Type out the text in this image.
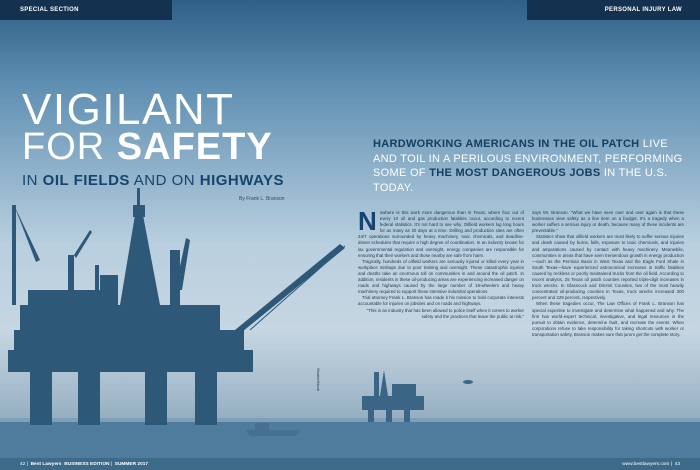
SPECIAL SECTION	PERSONAL INJURY LAW
VIGILANT
FOR SAFETY
IN OIL FIELDS AND ON HIGHWAYS
By Frank L. Branson
HARDWORKING AMERICANS IN THE OIL PATCH LIVE AND TOIL IN A PERILOUS ENVIRONMENT, PERFORMING SOME OF THE MOST DANGEROUS JOBS IN THE U.S. TODAY.
N owhere is this work more dangerous than in Texas, where four out of every 10 oil and gas production fatalities occur, according to recent federal statistics. It's not hard to see why. Oilfield workers log long hours for as many as 20 days at a time. Drilling and production sites are often 24/7 operations surrounded by heavy machinery, toxic chemicals, and deadline-driven schedules that require a high degree of coordination. In an industry known for lax governmental regulation and oversight, energy companies are responsible for ensuring that their workers and those nearby are safe from harm.

Tragically, hundreds of oilfield workers are seriously injured or killed every year in workplace mishaps due to poor training and oversight. These catastrophic injuries and deaths take an enormous toll on communities in and around the oil patch. In addition, residents in these oil-producing areas are experiencing increased danger on roads and highways caused by the large number of 18-wheelers and heavy machinery required to support these intensive industrial operations.

Trial attorney Frank L. Branson has made it his mission to hold corporate interests accountable for injuries on jobsites and on roads and highways.

"This is an industry that has been allowed to police itself when it comes to worker safety and the practices that leave the public at risk,"

says Mr. Branson. "What we have seen over and over again is that these businesses view safety as a line item on a budget. It's a tragedy when a worker suffers a serious injury or death, because many of these incidents are preventable."

Statistics show that oilfield workers are most likely to suffer serious injuries and death caused by burns, falls, exposure to toxic chemicals, and injuries and amputations caused by contact with heavy machinery. Meanwhile, communities in areas that have seen tremendous growth in energy production—such as the Permian Basin in West Texas and the Eagle Ford Shale in South Texas—have experienced astronomical increases in traffic fatalities caused by reckless or poorly maintained trucks from the oil field. According to recent analysis, 25 Texas oil patch counties reported triple-digit increases in truck wrecks. In Glasscock and Dimmit Counties, two of the most heavily concentrated oil-producing counties in Texas, truck wrecks increased 300 percent and 229 percent, respectively.

When these tragedies occur, The Law Offices of Frank L. Branson has special expertise to investigate and determine what happened and why. The firm has world-expert technical, investigative, and legal resources in the pursuit to obtain evidence, determine fault, and recreate the events. When corporations refuse to take responsibility for taking shortcuts with worker or transportation safety, Branson makes sure that jurors get the complete story.

ShutterStock
42 |  Best Lawyers BUSINESS EDITION |  SUMMER 2017	www.bestlawyers.com |  43
